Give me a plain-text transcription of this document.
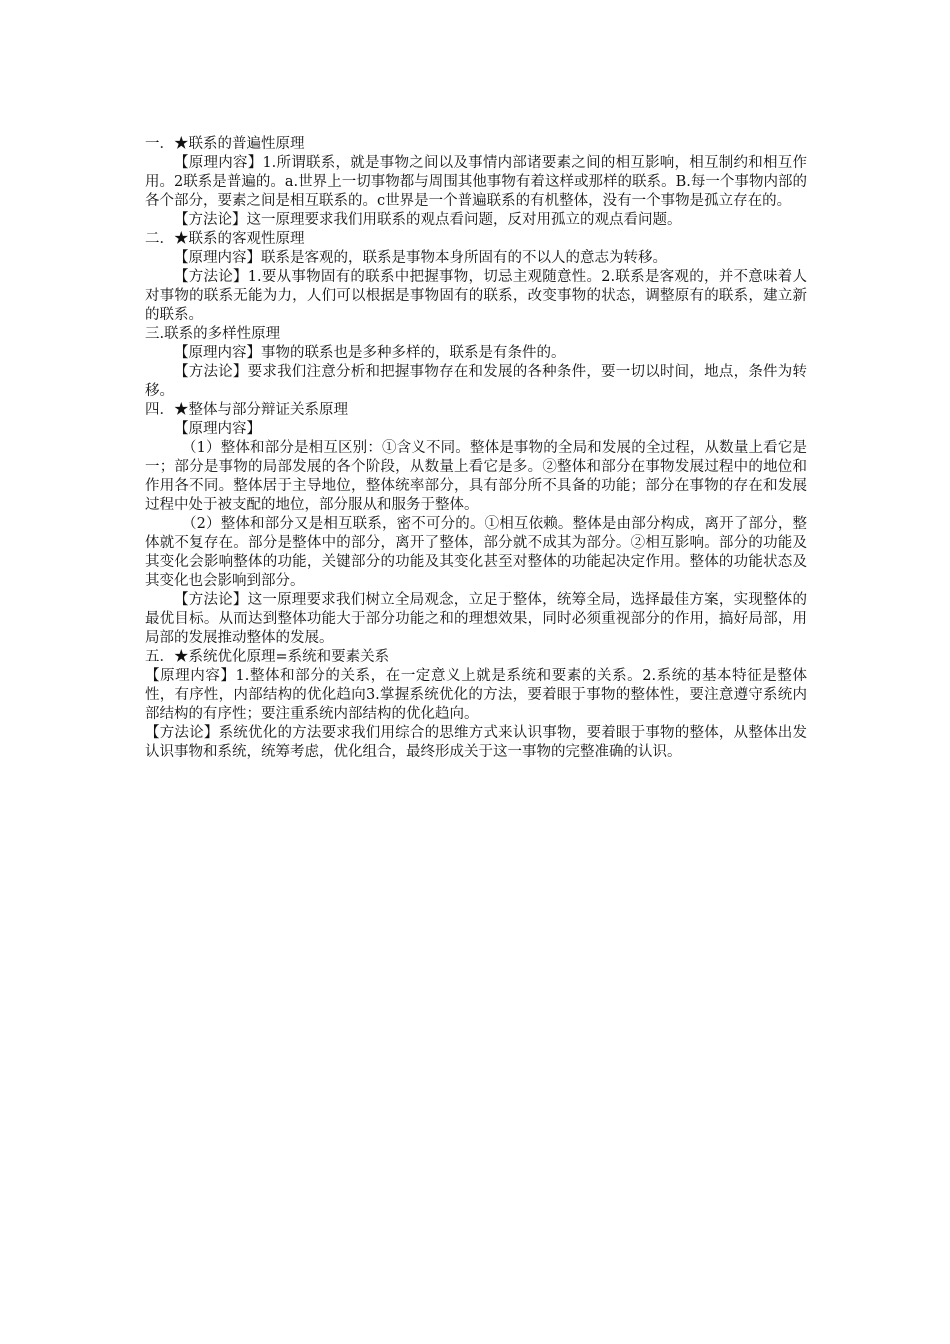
一．★联系的普遍性原理

【原理内容】1.所谓联系，就是事物之间以及事情内部诸要素之间的相互影响，相互制约和相互作用。2联系是普遍的。a.世界上一切事物都与周围其他事物有着这样或那样的联系。B.每一个事物内部的各个部分，要素之间是相互联系的。c世界是一个普遍联系的有机整体，没有一个事物是孤立存在的。

【方法论】这一原理要求我们用联系的观点看问题，反对用孤立的观点看问题。

二．★联系的客观性原理

【原理内容】联系是客观的，联系是事物本身所固有的不以人的意志为转移。

【方法论】1.要从事物固有的联系中把握事物，切忌主观随意性。2.联系是客观的，并不意味着人对事物的联系无能为力，人们可以根据是事物固有的联系，改变事物的状态，调整原有的联系，建立新的联系。

三.联系的多样性原理

【原理内容】事物的联系也是多种多样的，联系是有条件的。

【方法论】要求我们注意分析和把握事物存在和发展的各种条件，要一切以时间，地点，条件为转移。

四．★整体与部分辩证关系原理

【原理内容】

（1）整体和部分是相互区别：①含义不同。整体是事物的全局和发展的全过程，从数量上看它是一；部分是事物的局部发展的各个阶段，从数量上看它是多。②整体和部分在事物发展过程中的地位和作用各不同。整体居于主导地位，整体统率部分，具有部分所不具备的功能；部分在事物的存在和发展过程中处于被支配的地位，部分服从和服务于整体。

（2）整体和部分又是相互联系，密不可分的。①相互依赖。整体是由部分构成，离开了部分，整体就不复存在。部分是整体中的部分，离开了整体，部分就不成其为部分。②相互影响。部分的功能及其变化会影响整体的功能，关键部分的功能及其变化甚至对整体的功能起决定作用。整体的功能状态及其变化也会影响到部分。

【方法论】这一原理要求我们树立全局观念，立足于整体，统筹全局，选择最佳方案，实现整体的最优目标。从而达到整体功能大于部分功能之和的理想效果，同时必须重视部分的作用，搞好局部，用局部的发展推动整体的发展。

五．★系统优化原理=系统和要素关系

【原理内容】1.整体和部分的关系，在一定意义上就是系统和要素的关系。2.系统的基本特征是整体性，有序性，内部结构的优化趋向3.掌握系统优化的方法，要着眼于事物的整体性，要注意遵守系统内部结构的有序性；要注重系统内部结构的优化趋向。

【方法论】系统优化的方法要求我们用综合的思维方式来认识事物，要着眼于事物的整体，从整体出发认识事物和系统，统筹考虑，优化组合，最终形成关于这一事物的完整准确的认识。
